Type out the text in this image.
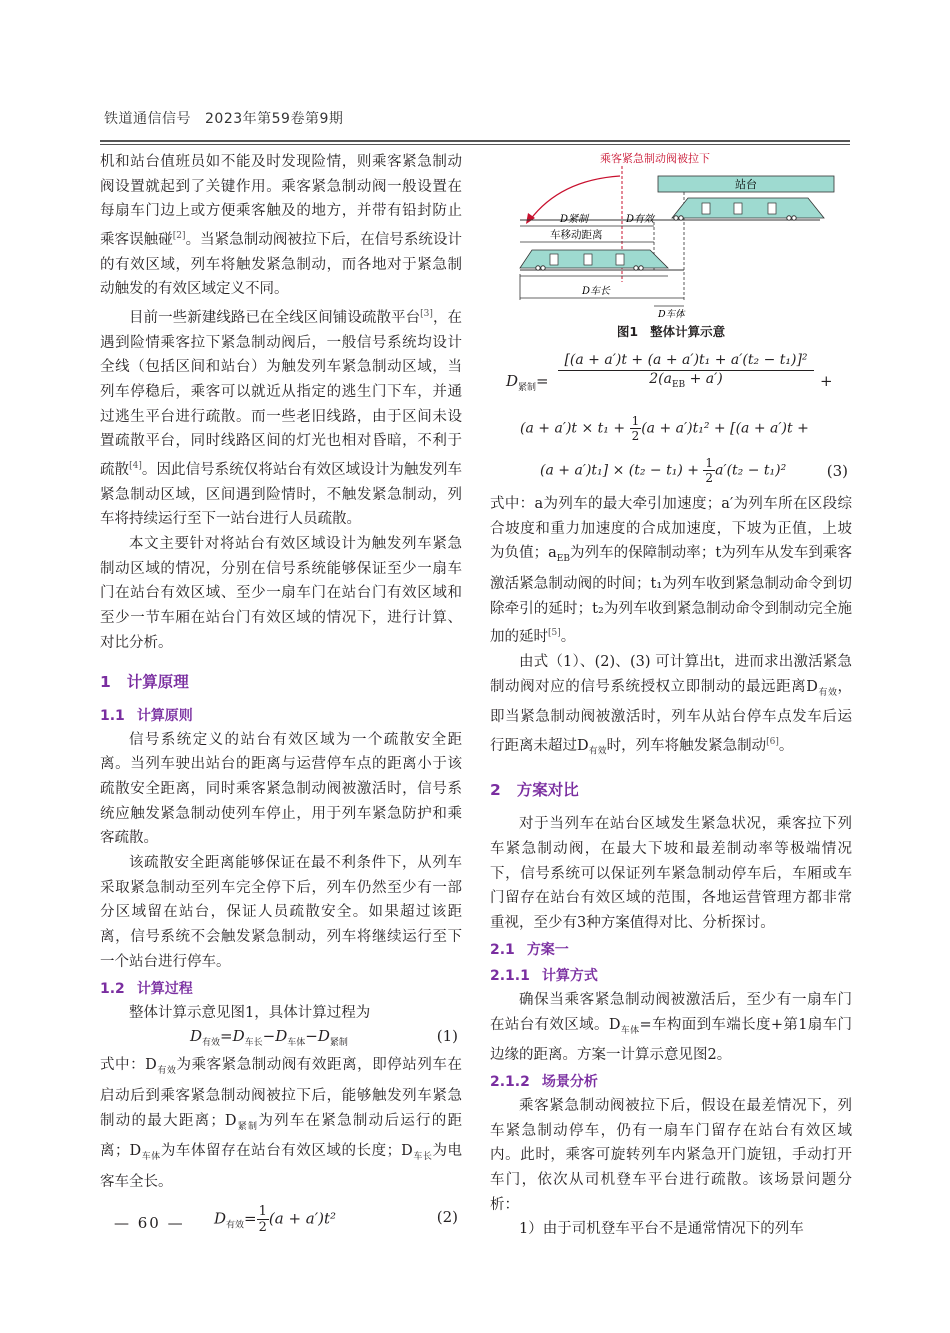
铁道通信信号 2023年第59卷第9期

机和站台值班员如不能及时发现险情，则乘客紧急制动阀设置就起到了关键作用。乘客紧急制动阀一般设置在每扇车门边上或方便乘客触及的地方，并带有铅封防止乘客误触碰[2]。当紧急制动阀被拉下后，在信号系统设计的有效区域，列车将触发紧急制动，而各地对于紧急制动触发的有效区域定义不同。

目前一些新建线路已在全线区间铺设疏散平台[3]，在遇到险情乘客拉下紧急制动阀后，一般信号系统均设计全线（包括区间和站台）为触发列车紧急制动区域，当列车停稳后，乘客可以就近从指定的逃生门下车，并通过逃生平台进行疏散。而一些老旧线路，由于区间未设置疏散平台，同时线路区间的灯光也相对昏暗，不利于疏散[4]。因此信号系统仅将站台有效区域设计为触发列车紧急制动区域，区间遇到险情时，不触发紧急制动，列车将持续运行至下一站台进行人员疏散。

本文主要针对将站台有效区域设计为触发列车紧急制动区域的情况，分别在信号系统能够保证至少一扇车门在站台有效区域、至少一扇车门在站台门有效区域和至少一节车厢在站台门有效区域的情况下，进行计算、对比分析。

1 计算原理
1.1 计算原则

信号系统定义的站台有效区域为一个疏散安全距离。当列车驶出站台的距离与运营停车点的距离小于该疏散安全距离，同时乘客紧急制动阀被激活时，信号系统应触发紧急制动使列车停止，用于列车紧急防护和乘客疏散。

该疏散安全距离能够保证在最不利条件下，从列车采取紧急制动至列车完全停下后，列车仍然至少有一部分区域留在站台，保证人员疏散安全。如果超过该距离，信号系统不会触发紧急制动，列车将继续运行至下一个站台进行停车。

1.2 计算过程

整体计算示意见图1，具体计算过程为

$D_{有效}=D_{车长}-D_{车体}-D_{紧制}$	(1)

式中：$D_{有效}$为乘客紧急制动阀有效距离，即停站列车在启动后到乘客紧急制动阀被拉下后，能够触发列车紧急制动的最大距离；$D_{紧制}$为列车在紧急制动后运行的距离；$D_{车体}$为车体留存在站台有效区域的长度；$D_{车长}$为电客车全长。

$D_{有效}= \frac{1}{2} (a + a')t^2$	(2)
— 60 —
乘客紧急制动阀被拉下
站台
D紧制	D有效
车移动距离
D车长
D车体
图1 整体计算示意
$D_{紧制}=$
[(a + a′)t + (a + a′)t₁ + a′(t₂ − t₁)]²
$2(a_{EB} + a')$	+
$(a + a')t \times t_1 + \frac{1}{2} (a + a')t_1^2 + [(a + a')t$ +
$(a + a')t_1] \times (t_2 - t_1) + \frac{1}{2} a'(t_2 - t_1)^2$	(3)

式中：a为列车的最大牵引加速度；a′为列车所在区段综合坡度和重力加速度的合成加速度，下坡为正值，上坡为负值；$a_{EB}$为列车的保障制动率；t为列车从发车到乘客激活紧急制动阀的时间；t₁为列车收到紧急制动命令到切除牵引的延时；t₂为列车收到紧急制动命令到制动完全施加的延时[5]。

由式（1）、(2)、(3) 可计算出t，进而求出激活紧急制动阀对应的信号系统授权立即制动的最远距离$D_{有效}$，即当紧急制动阀被激活时，列车从站台停车点发车后运行距离未超过$D_{有效}$时，列车将触发紧急制动[6]。

2 方案对比

对于当列车在站台区域发生紧急状况，乘客拉下列车紧急制动阀，在最大下坡和最差制动率等极端情况下，信号系统可以保证列车紧急制动停车后，车厢或车门留存在站台有效区域的范围，各地运营管理方都非常重视，至少有3种方案值得对比、分析探讨。

2.1 方案一
2.1.1 计算方式

确保当乘客紧急制动阀被激活后，至少有一扇车门在站台有效区域。$D_{车体}=$车构面到车端长度+第1扇车门边缘的距离。方案一计算示意见图2。

2.1.2 场景分析

乘客紧急制动阀被拉下后，假设在最差情况下，列车紧急制动停车，仍有一扇车门留存在站台有效区域内。此时，乘客可旋转列车内紧急开门旋钮，手动打开车门，依次从司机登车平台进行疏散。该场景问题分析：

1）由于司机登车平台不是通常情况下的列车
